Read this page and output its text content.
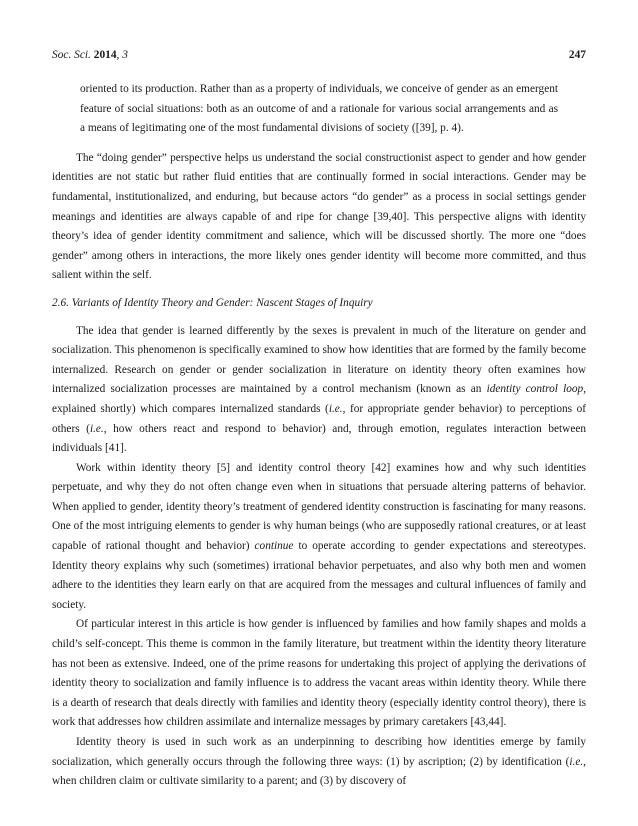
Soc. Sci. 2014, 3	247
oriented to its production. Rather than as a property of individuals, we conceive of gender as an emergent feature of social situations: both as an outcome of and a rationale for various social arrangements and as a means of legitimating one of the most fundamental divisions of society ([39], p. 4).

The “doing gender” perspective helps us understand the social constructionist aspect to gender and how gender identities are not static but rather fluid entities that are continually formed in social interactions. Gender may be fundamental, institutionalized, and enduring, but because actors “do gender” as a process in social settings gender meanings and identities are always capable of and ripe for change [39,40]. This perspective aligns with identity theory’s idea of gender identity commitment and salience, which will be discussed shortly. The more one “does gender” among others in interactions, the more likely ones gender identity will become more committed, and thus salient within the self.

2.6. Variants of Identity Theory and Gender: Nascent Stages of Inquiry

The idea that gender is learned differently by the sexes is prevalent in much of the literature on gender and socialization. This phenomenon is specifically examined to show how identities that are formed by the family become internalized. Research on gender or gender socialization in literature on identity theory often examines how internalized socialization processes are maintained by a control mechanism (known as an identity control loop, explained shortly) which compares internalized standards (i.e., for appropriate gender behavior) to perceptions of others (i.e., how others react and respond to behavior) and, through emotion, regulates interaction between individuals [41].

Work within identity theory [5] and identity control theory [42] examines how and why such identities perpetuate, and why they do not often change even when in situations that persuade altering patterns of behavior. When applied to gender, identity theory’s treatment of gendered identity construction is fascinating for many reasons. One of the most intriguing elements to gender is why human beings (who are supposedly rational creatures, or at least capable of rational thought and behavior) continue to operate according to gender expectations and stereotypes. Identity theory explains why such (sometimes) irrational behavior perpetuates, and also why both men and women adhere to the identities they learn early on that are acquired from the messages and cultural influences of family and society.

Of particular interest in this article is how gender is influenced by families and how family shapes and molds a child’s self-concept. This theme is common in the family literature, but treatment within the identity theory literature has not been as extensive. Indeed, one of the prime reasons for undertaking this project of applying the derivations of identity theory to socialization and family influence is to address the vacant areas within identity theory. While there is a dearth of research that deals directly with families and identity theory (especially identity control theory), there is work that addresses how children assimilate and internalize messages by primary caretakers [43,44].

Identity theory is used in such work as an underpinning to describing how identities emerge by family socialization, which generally occurs through the following three ways: (1) by ascription; (2) by identification (i.e., when children claim or cultivate similarity to a parent; and (3) by discovery of
